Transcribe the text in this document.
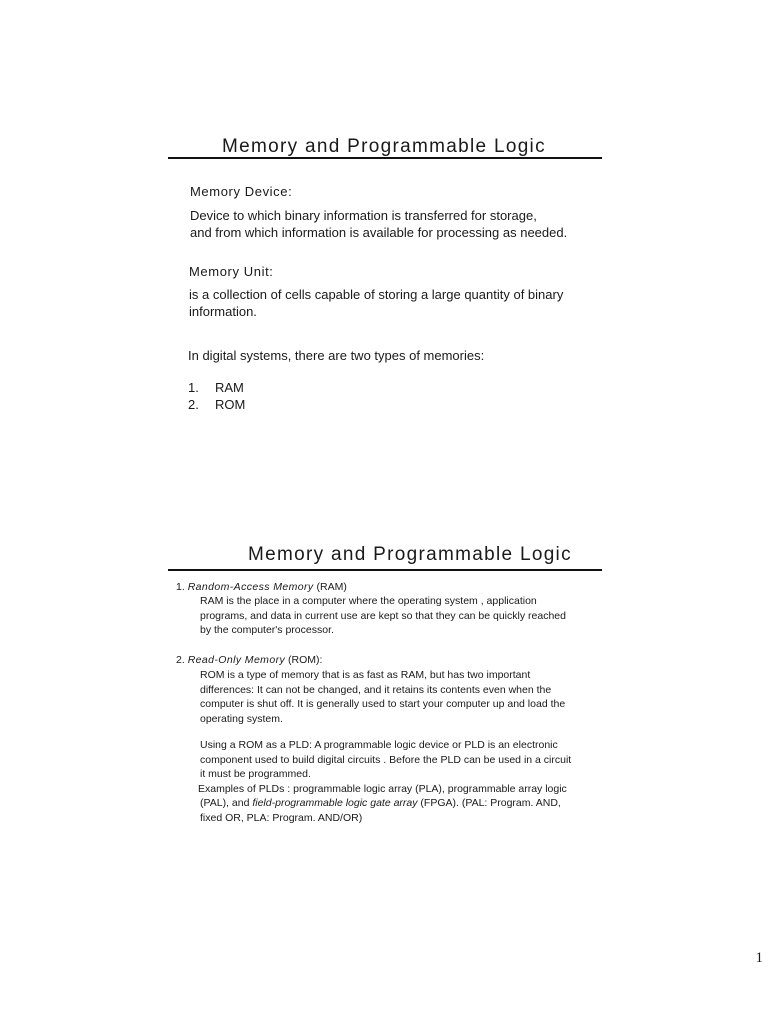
Memory and Programmable Logic

Memory Device:

Device to which binary information is transferred for storage,

and from which information is available for processing as needed.

Memory Unit:

is a collection of cells capable of storing a large quantity of binary

information.

In digital systems, there are two types of memories:

1. RAM

2. ROM

Memory and Programmable Logic

1. Random-Access Memory (RAM)

RAM is the place in a computer where the operating system , application

programs, and data in current use are kept so that they can be quickly reached

by the computer's processor.

2. Read-Only Memory (ROM):

ROM is a type of memory that is as fast as RAM, but has two important

differences: It can not be changed, and it retains its contents even when the

computer is shut off. It is generally used to start your computer up and load the

operating system.

Using a ROM as a PLD: A programmable logic device or PLD is an electronic

component used to build digital circuits . Before the PLD can be used in a circuit

it must be programmed.

Examples of PLDs : programmable logic array (PLA), programmable array logic

(PAL), and field-programmable logic gate array (FPGA). (PAL: Program. AND,

fixed OR, PLA: Program. AND/OR)

1
